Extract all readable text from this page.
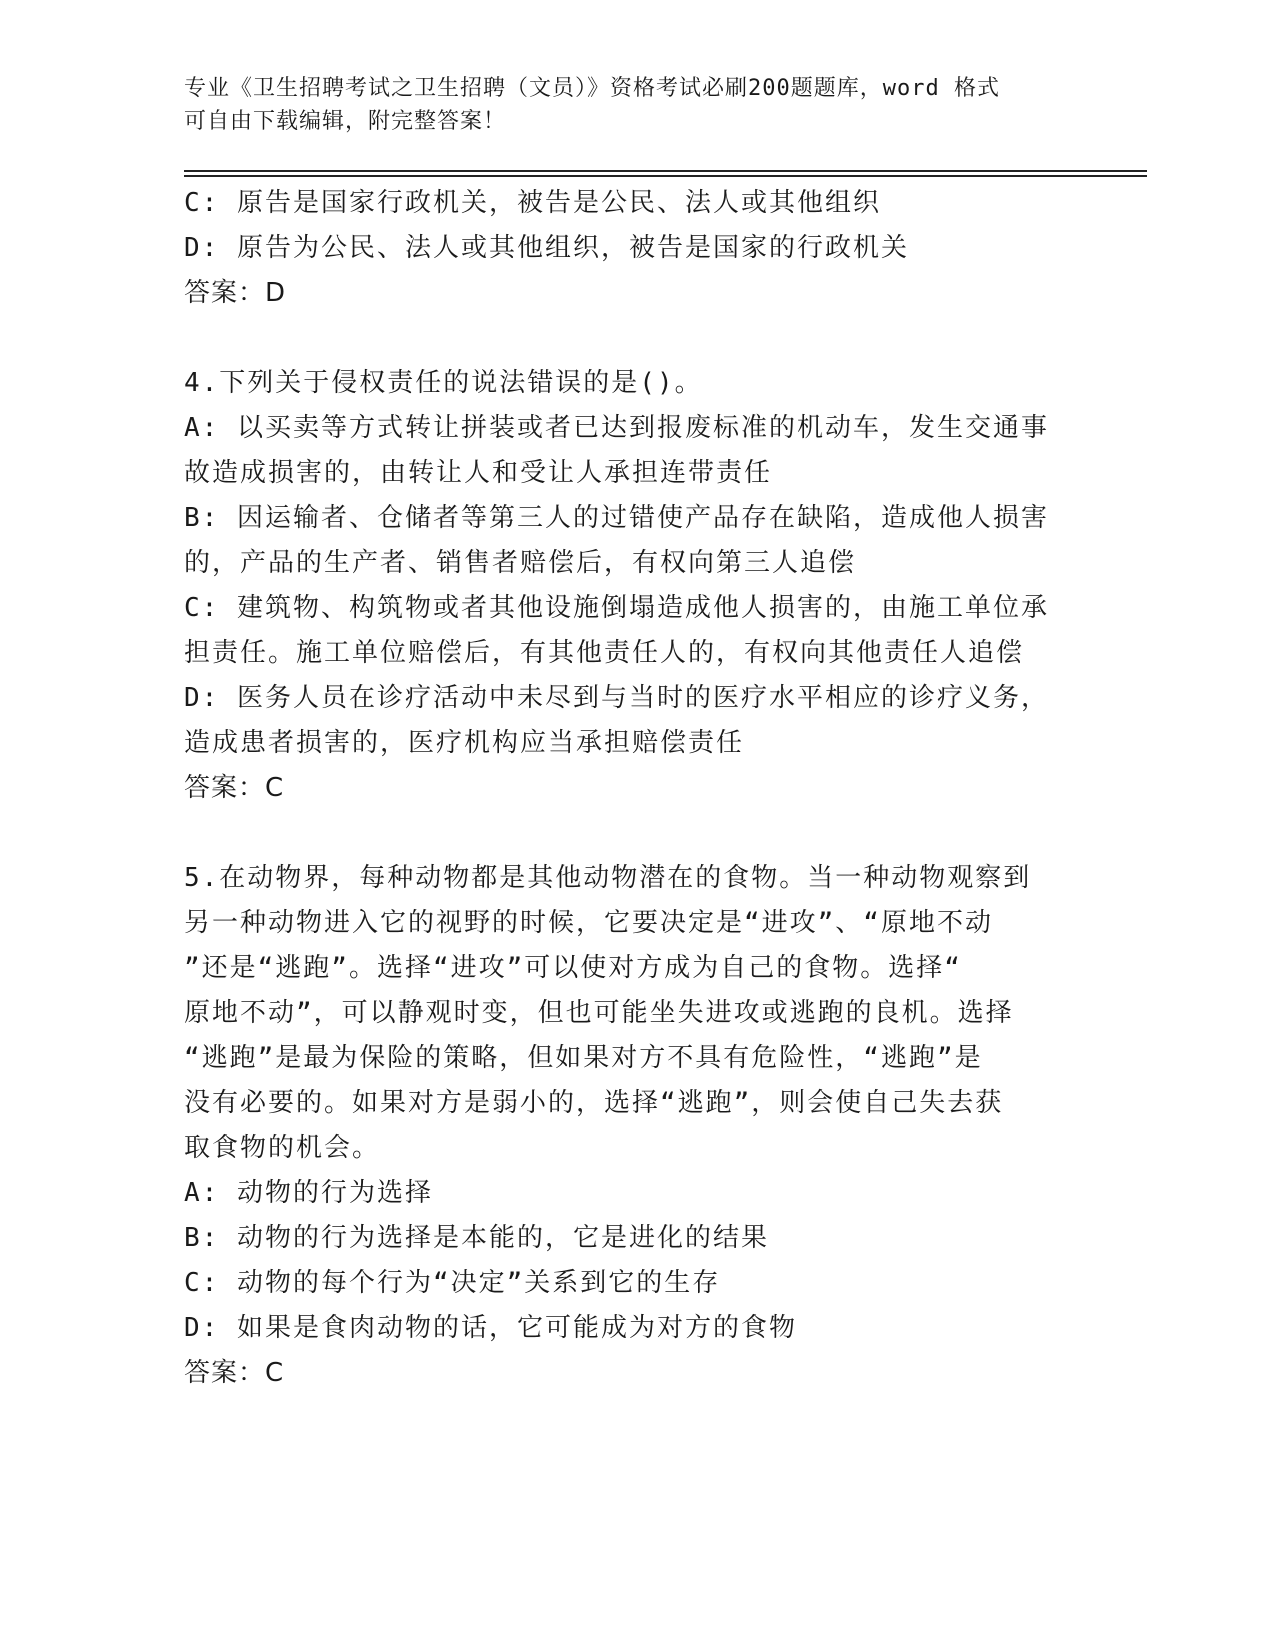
专业《卫生招聘考试之卫生招聘（文员）》资格考试必刷200题题库，word 格式
可自由下载编辑，附完整答案！
C: 原告是国家行政机关，被告是公民、法人或其他组织
D: 原告为公民、法人或其他组织，被告是国家的行政机关
答案：D
4.下列关于侵权责任的说法错误的是()。
A: 以买卖等方式转让拼装或者已达到报废标准的机动车，发生交通事
故造成损害的，由转让人和受让人承担连带责任
B: 因运输者、仓储者等第三人的过错使产品存在缺陷，造成他人损害
的，产品的生产者、销售者赔偿后，有权向第三人追偿
C: 建筑物、构筑物或者其他设施倒塌造成他人损害的，由施工单位承
担责任。施工单位赔偿后，有其他责任人的，有权向其他责任人追偿
D: 医务人员在诊疗活动中未尽到与当时的医疗水平相应的诊疗义务，
造成患者损害的，医疗机构应当承担赔偿责任
答案：C
5.在动物界，每种动物都是其他动物潜在的食物。当一种动物观察到
另一种动物进入它的视野的时候，它要决定是“进攻”、“原地不动
”还是“逃跑”。选择“进攻”可以使对方成为自己的食物。选择“
原地不动”，可以静观时变，但也可能坐失进攻或逃跑的良机。选择
“逃跑”是最为保险的策略，但如果对方不具有危险性，“逃跑”是
没有必要的。如果对方是弱小的，选择“逃跑”，则会使自己失去获
取食物的机会。
A: 动物的行为选择
B: 动物的行为选择是本能的，它是进化的结果
C: 动物的每个行为“决定”关系到它的生存
D: 如果是食肉动物的话，它可能成为对方的食物
答案：C
